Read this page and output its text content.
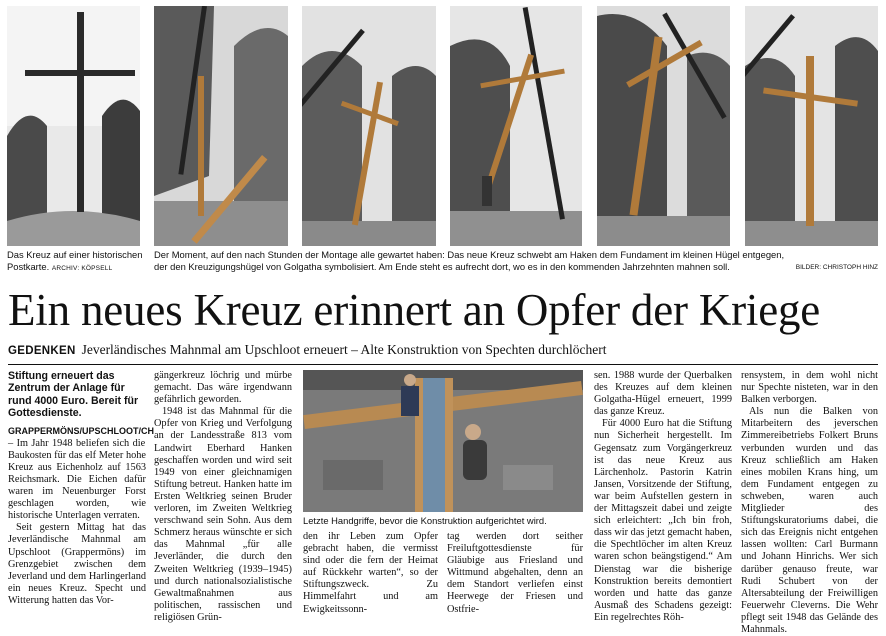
Das Kreuz auf einer historischen Postkarte. ARCHIV: KÖPSELL
Der Moment, auf den nach Stunden der Montage alle gewartet haben: Das neue Kreuz schwebt am Haken dem Fundament im kleinen Hügel entgegen, der den Kreuzigungshügel von Golgatha symbolisiert. Am Ende steht es aufrecht dort, wo es in den kommenden Jahrzehnten mahnen soll.	BILDER: CHRISTOPH HINZ
Ein neues Kreuz erinnert an Opfer der Kriege
GEDENKEN Jeverländisches Mahnmal am Upschloot erneuert – Alte Konstruktion von Spechten durchlöchert
Stiftung erneuert das Zentrum der Anlage für rund 4000 Euro. Bereit für Gottesdienste.

GRAPPERMÖNS/UPSCHLOOT/CH – Im Jahr 1948 beliefen sich die Baukosten für das elf Meter hohe Kreuz aus Eichenholz auf 1563 Reichsmark. Die Eichen dafür waren im Neuenburger Forst geschlagen worden, wie historische Unterlagen verraten.

Seit gestern Mittag hat das Jeverländische Mahnmal am Upschloot (Grappermöns) im Grenzgebiet zwischen dem Jeverland und dem Harlingerland ein neues Kreuz. Specht und Witterung hatten das Vor-

gängerkreuz löchrig und mürbe gemacht. Das wäre irgendwann gefährlich geworden.

1948 ist das Mahnmal für die Opfer von Krieg und Verfolgung an der Landesstraße 813 vom Landwirt Eberhard Hanken geschaffen worden und wird seit 1949 von einer gleichnamigen Stiftung betreut. Hanken hatte im Ersten Weltkrieg seinen Bruder verloren, im Zweiten Weltkrieg verschwand sein Sohn. Aus dem Schmerz heraus wünschte er sich das Mahnmal „für alle Jeverländer, die durch den Zweiten Weltkrieg (1939–1945) und durch nationalsozialistische Gewaltmaßnahmen aus politischen, rassischen und religiösen Grün-

Letzte Handgriffe, bevor die Konstruktion aufgerichtet wird.

den ihr Leben zum Opfer gebracht haben, die vermisst sind oder die fern der Heimat auf Rückkehr warten“, so der Stiftungszweck. Zu Himmelfahrt und am Ewigkeitssonn-

tag werden dort seither Freiluftgottesdienste für Gläubige aus Friesland und Wittmund abgehalten, denn an dem Standort verliefen einst Heerwege der Friesen und Ostfrie-

sen. 1988 wurde der Querbalken des Kreuzes auf dem kleinen Golgatha-Hügel erneuert, 1999 das ganze Kreuz.

Für 4000 Euro hat die Stiftung nun Sicherheit hergestellt. Im Gegensatz zum Vorgängerkreuz ist das neue Kreuz aus Lärchenholz. Pastorin Katrin Jansen, Vorsitzende der Stiftung, war beim Aufstellen gestern in der Mittagszeit dabei und zeigte sich erleichtert: „Ich bin froh, dass wir das jetzt gemacht haben, die Spechtlöcher im alten Kreuz waren schon beängstigend.“ Am Dienstag war die bisherige Konstruktion bereits demontiert worden und hatte das ganze Ausmaß des Schadens gezeigt: Ein regelrechtes Röh-

rensystem, in dem wohl nicht nur Spechte nisteten, war in den Balken verborgen.

Als nun die Balken von Mitarbeitern des jeverschen Zimmereibetriebs Folkert Bruns verbunden wurden und das Kreuz schließlich am Haken eines mobilen Krans hing, um dem Fundament entgegen zu schweben, waren auch Mitglieder des Stiftungskuratoriums dabei, die sich das Ereignis nicht entgehen lassen wollten: Carl Burmann und Johann Hinrichs. Wer sich darüber genauso freute, war Rudi Schubert von der Altersabteilung der Freiwilligen Feuerwehr Cleverns. Die Wehr pflegt seit 1948 das Gelände des Mahnmals.
